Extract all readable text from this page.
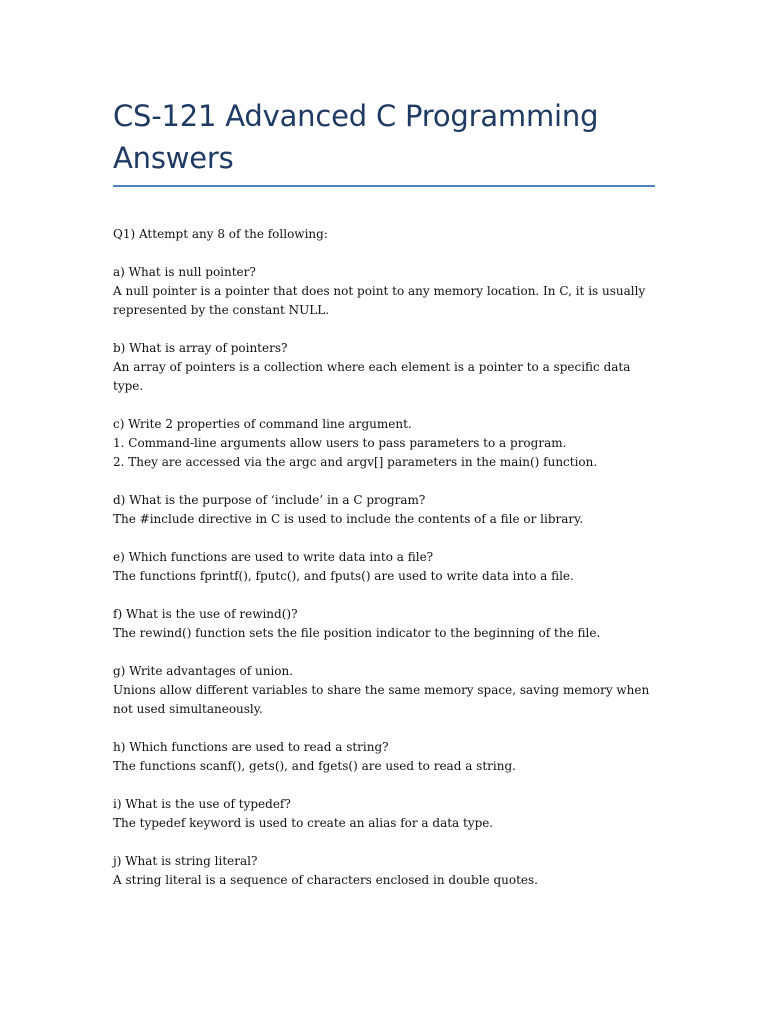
CS-121 Advanced C Programming Answers

Q1) Attempt any 8 of the following:

a) What is null pointer?

A null pointer is a pointer that does not point to any memory location. In C, it is usually represented by the constant NULL.

b) What is array of pointers?

An array of pointers is a collection where each element is a pointer to a specific data type.

c) Write 2 properties of command line argument.

1. Command-line arguments allow users to pass parameters to a program.

2. They are accessed via the argc and argv[] parameters in the main() function.

d) What is the purpose of ‘include’ in a C program?

The #include directive in C is used to include the contents of a file or library.

e) Which functions are used to write data into a file?

The functions fprintf(), fputc(), and fputs() are used to write data into a file.

f) What is the use of rewind()?

The rewind() function sets the file position indicator to the beginning of the file.

g) Write advantages of union.

Unions allow different variables to share the same memory space, saving memory when not used simultaneously.

h) Which functions are used to read a string?

The functions scanf(), gets(), and fgets() are used to read a string.

i) What is the use of typedef?

The typedef keyword is used to create an alias for a data type.

j) What is string literal?

A string literal is a sequence of characters enclosed in double quotes.
